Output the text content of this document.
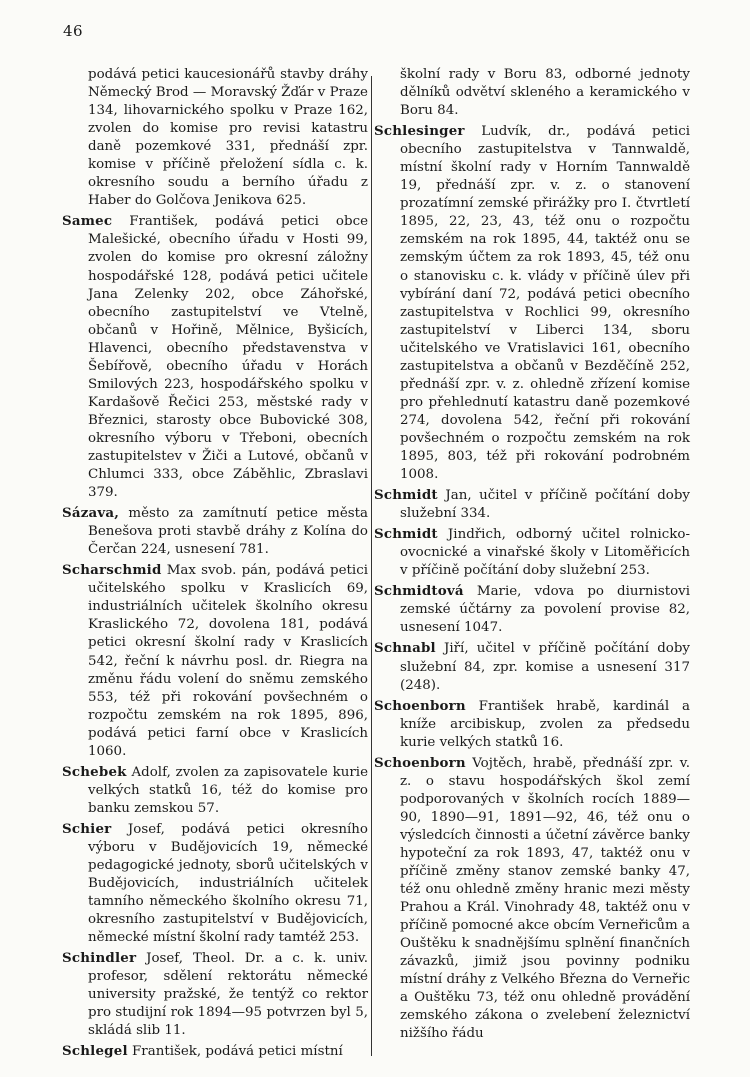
46

podává petici kaucesionářů stavby dráhy Německý Brod — Moravský Žďár v Praze 134, lihovarnického spolku v Praze 162, zvolen do komise pro revisi katastru daně pozemkové 331, přednáší zpr. komise v příčině přeložení sídla c. k. okresního soudu a berního úřadu z Haber do Golčova Jenikova 625.

Samec František, podává petici obce Malešické, obecního úřadu v Hosti 99, zvolen do komise pro okresní záložny hospodářské 128, podává petici učitele Jana Zelenky 202, obce Záhořské, obecního zastupitelství ve Vtelně, občanů v Hořině, Mělnice, Byšicích, Hlavenci, obecního představenstva v Šebířově, obecního úřadu v Horách Smilových 223, hospodářského spolku v Kardašově Řečici 253, městské rady v Březnici, starosty obce Bubovické 308, okresního výboru v Třeboni, obecních zastupitelstev v Žiči a Lutové, občanů v Chlumci 333, obce Záběhlic, Zbraslavi 379.

Sázava, město za zamítnutí petice města Benešova proti stavbě dráhy z Kolína do Čerčan 224, usnesení 781.

Scharschmid Max svob. pán, podává petici učitelského spolku v Kraslicích 69, industriálních učitelek školního okresu Kraslického 72, dovolena 181, podává petici okresní školní rady v Kraslicích 542, řeční k návrhu posl. dr. Riegra na změnu řádu volení do sněmu zemského 553, též při rokování povšechném o rozpočtu zemském na rok 1895, 896, podává petici farní obce v Kraslicích 1060.

Schebek Adolf, zvolen za zapisovatele kurie velkých statků 16, též do komise pro banku zemskou 57.

Schier Josef, podává petici okresního výboru v Budějovicích 19, německé pedagogické jednoty, sborů učitelských v Budějovicích, industriálních učitelek tamního německého školního okresu 71, okresního zastupitelství v Budějovicích, německé místní školní rady tamtéž 253.

Schindler Josef, Theol. Dr. a c. k. univ. profesor, sdělení rektorátu německé university pražské, že tentýž co rektor pro studijní rok 1894—95 potvrzen byl 5, skládá slib 11.

Schlegel František, podává petici místní

školní rady v Boru 83, odborné jednoty dělníků odvětví skleného a keramického v Boru 84.

Schlesinger Ludvík, dr., podává petici obecního zastupitelstva v Tannwaldě, místní školní rady v Horním Tannwaldě 19, přednáší zpr. v. z. o stanovení prozatímní zemské přirážky pro I. čtvrtletí 1895, 22, 23, 43, též onu o rozpočtu zemském na rok 1895, 44, taktéž onu se zemským účtem za rok 1893, 45, též onu o stanovisku c. k. vlády v příčině úlev při vybírání daní 72, podává petici obecního zastupitelstva v Rochlici 99, okresního zastupitelství v Liberci 134, sboru učitelského ve Vratislavici 161, obecního zastupitelstva a občanů v Bezděčíně 252, přednáší zpr. v. z. ohledně zřízení komise pro přehlednutí katastru daně pozemkové 274, dovolena 542, řeční při rokování povšechném o rozpočtu zemském na rok 1895, 803, též při rokování podrobném 1008.

Schmidt Jan, učitel v příčině počítání doby služební 334.

Schmidt Jindřich, odborný učitel rolnicko-ovocnické a vinařské školy v Litoměřicích v příčině počítání doby služební 253.

Schmidtová Marie, vdova po diurnistovi zemské účtárny za povolení provise 82, usnesení 1047.

Schnabl Jiří, učitel v příčině počítání doby služební 84, zpr. komise a usnesení 317 (248).

Schoenborn František hrabě, kardinál a kníže arcibiskup, zvolen za předsedu kurie velkých statků 16.

Schoenborn Vojtěch, hrabě, přednáší zpr. v. z. o stavu hospodářských škol zemí podporovaných v školních rocích 1889—90, 1890—91, 1891—92, 46, též onu o výsledcích činnosti a účetní závěrce banky hypoteční za rok 1893, 47, taktéž onu v příčině změny stanov zemské banky 47, též onu ohledně změny hranic mezi městy Prahou a Král. Vinohrady 48, taktéž onu v příčině pomocné akce obcím Verneřicům a Ouštěku k snadnějšímu splnění finančních závazků, jimiž jsou povinny podniku místní dráhy z Velkého Března do Verneřic a Ouštěku 73, též onu ohledně provádění zemského zákona o zvelebení železnictví nižšího řádu
